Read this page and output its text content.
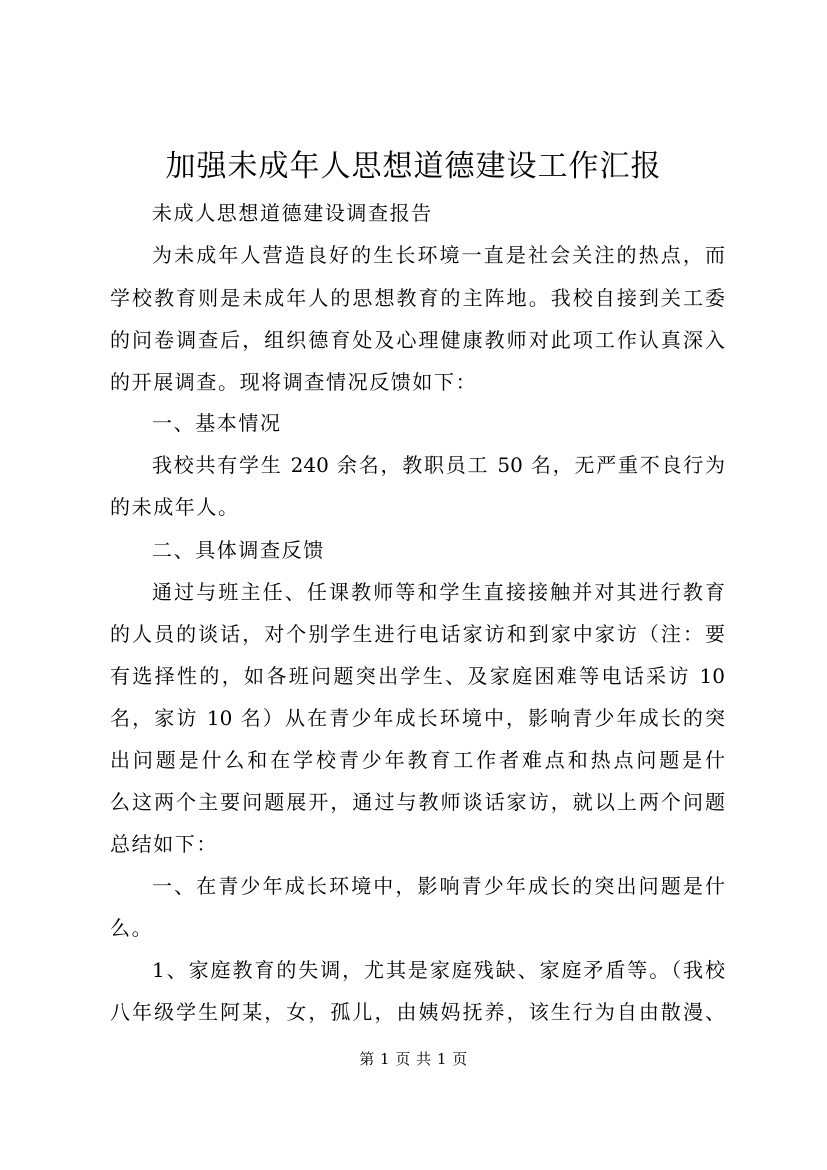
加强未成年人思想道德建设工作汇报
未成人思想道德建设调查报告
为未成年人营造良好的生长环境一直是社会关注的热点，而
学校教育则是未成年人的思想教育的主阵地。我校自接到关工委
的问卷调查后，组织德育处及心理健康教师对此项工作认真深入
的开展调查。现将调查情况反馈如下：
一、基本情况
我校共有学生 240 余名，教职员工 50 名，无严重不良行为
的未成年人。
二、具体调查反馈
通过与班主任、任课教师等和学生直接接触并对其进行教育
的人员的谈话，对个别学生进行电话家访和到家中家访（注：要
有选择性的，如各班问题突出学生、及家庭困难等电话采访 10
名，家访 10 名）从在青少年成长环境中，影响青少年成长的突
出问题是什么和在学校青少年教育工作者难点和热点问题是什
么这两个主要问题展开，通过与教师谈话家访，就以上两个问题
总结如下：
一、在青少年成长环境中，影响青少年成长的突出问题是什
么。
1、家庭教育的失调，尤其是家庭残缺、家庭矛盾等。（我校
八年级学生阿某，女，孤儿，由姨妈抚养，该生行为自由散漫、
第 1 页 共 1 页
